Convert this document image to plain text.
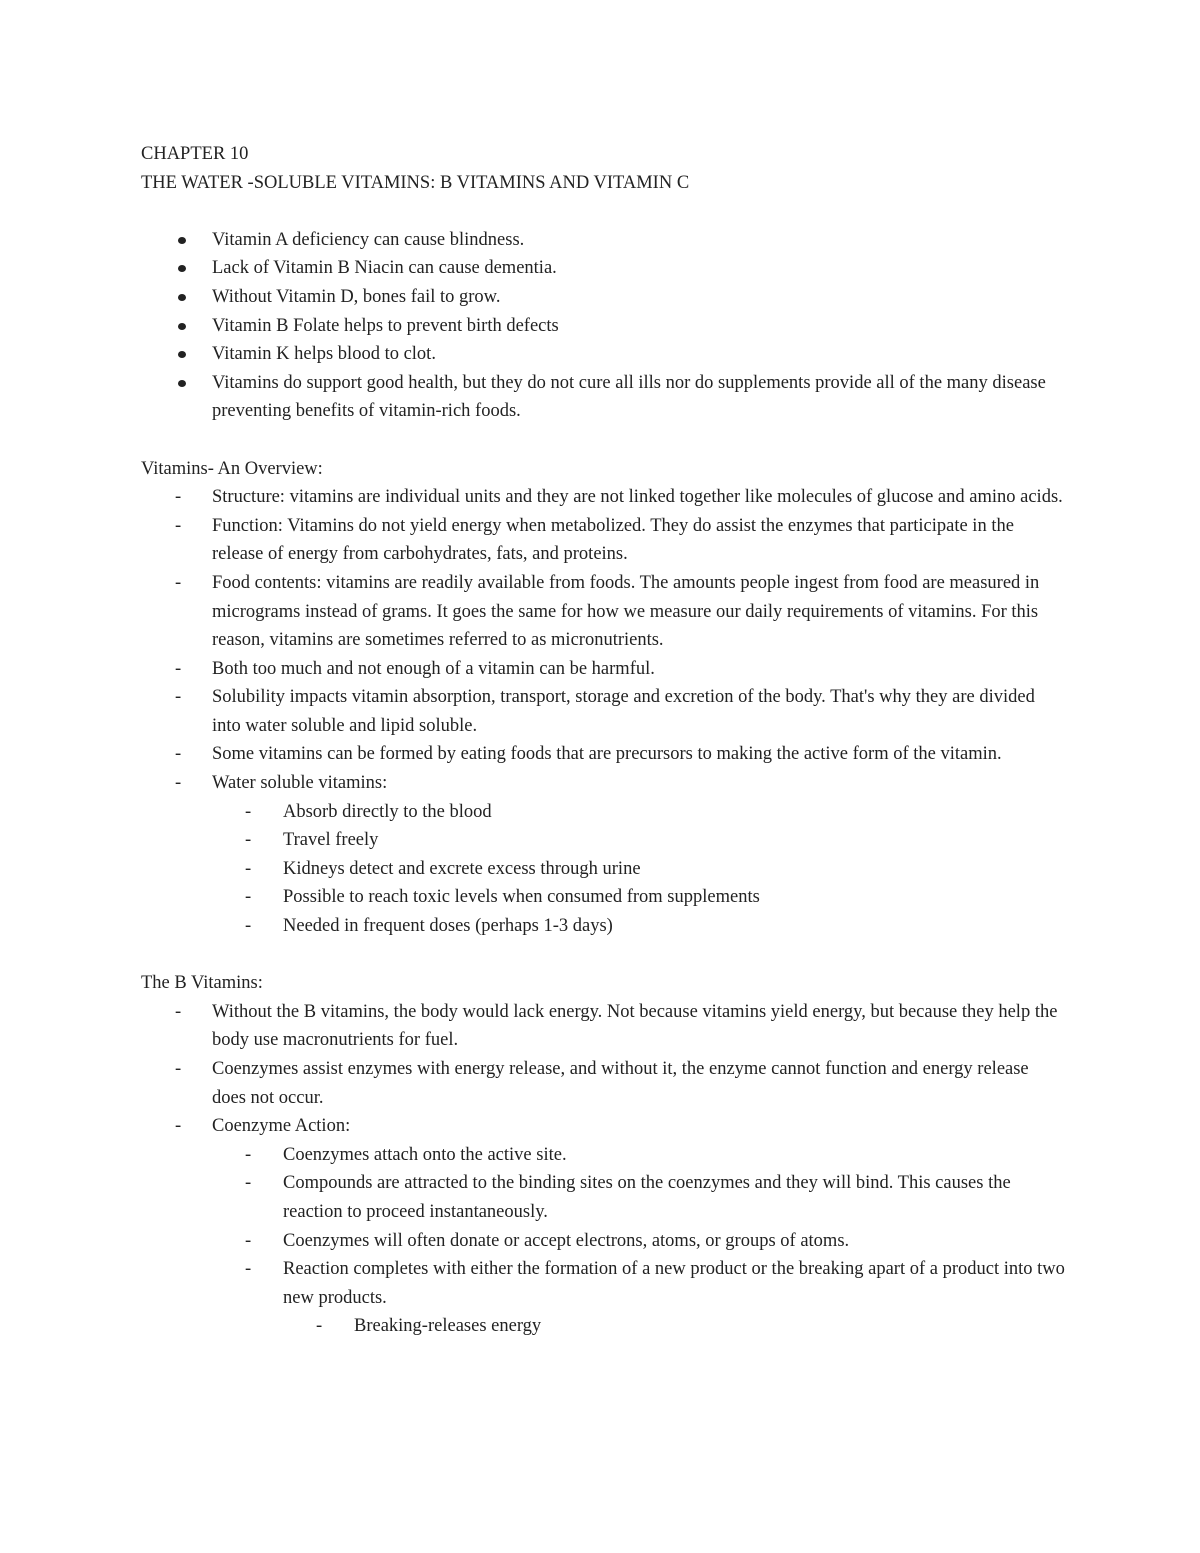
CHAPTER 10

THE WATER -SOLUBLE VITAMINS: B VITAMINS AND VITAMIN C

Vitamin A deficiency can cause blindness.
Lack of Vitamin B Niacin can cause dementia.
Without Vitamin D, bones fail to grow.
Vitamin B Folate helps to prevent birth defects
Vitamin K helps blood to clot.
Vitamins do support good health, but they do not cure all ills nor do supplements provide all of the many disease preventing benefits of vitamin-rich foods.

Vitamins- An Overview:

- Structure: vitamins are individual units and they are not linked together like molecules of glucose and amino acids.
- Function: Vitamins do not yield energy when metabolized. They do assist the enzymes that participate in the release of energy from carbohydrates, fats, and proteins.
- Food contents: vitamins are readily available from foods. The amounts people ingest from food are measured in micrograms instead of grams. It goes the same for how we measure our daily requirements of vitamins. For this reason, vitamins are sometimes referred to as micronutrients.
- Both too much and not enough of a vitamin can be harmful.
- Solubility impacts vitamin absorption, transport, storage and excretion of the body. That's why they are divided into water soluble and lipid soluble.
- Some vitamins can be formed by eating foods that are precursors to making the active form of the vitamin.
- Water soluble vitamins:
- Absorb directly to the blood
- Travel freely
- Kidneys detect and excrete excess through urine
- Possible to reach toxic levels when consumed from supplements
- Needed in frequent doses (perhaps 1-3 days)

The B Vitamins:

- Without the B vitamins, the body would lack energy. Not because vitamins yield energy, but because they help the body use macronutrients for fuel.
- Coenzymes assist enzymes with energy release, and without it, the enzyme cannot function and energy release does not occur.
- Coenzyme Action:
- Coenzymes attach onto the active site.
- Compounds are attracted to the binding sites on the coenzymes and they will bind. This causes the reaction to proceed instantaneously.
- Coenzymes will often donate or accept electrons, atoms, or groups of atoms.
- Reaction completes with either the formation of a new product or the breaking apart of a product into two new products.
- Breaking-releases energy
